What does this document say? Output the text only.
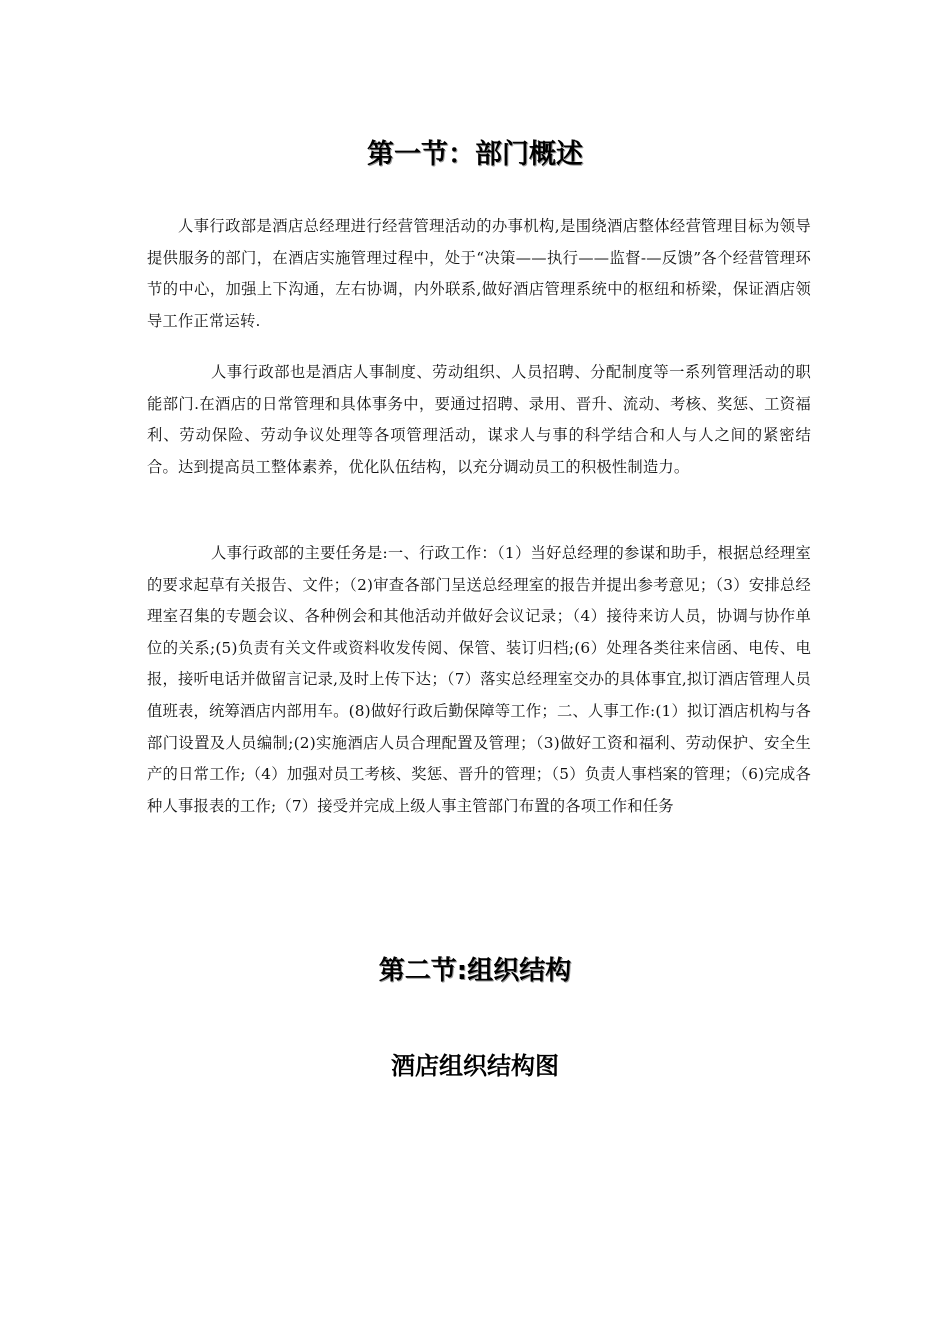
第一节：部门概述

人事行政部是酒店总经理进行经营管理活动的办事机构,是围绕酒店整体经营管理目标为领导提供服务的部门，在酒店实施管理过程中，处于“决策——执行——监督-—反馈”各个经营管理环节的中心，加强上下沟通，左右协调，内外联系,做好酒店管理系统中的枢纽和桥梁，保证酒店领导工作正常运转.

人事行政部也是酒店人事制度、劳动组织、人员招聘、分配制度等一系列管理活动的职能部门.在酒店的日常管理和具体事务中，要通过招聘、录用、晋升、流动、考核、奖惩、工资福利、劳动保险、劳动争议处理等各项管理活动，谋求人与事的科学结合和人与人之间的紧密结合。达到提高员工整体素养，优化队伍结构，以充分调动员工的积极性制造力。

人事行政部的主要任务是:一、行政工作：（1）当好总经理的参谋和助手，根据总经理室的要求起草有关报告、文件；（2)审查各部门呈送总经理室的报告并提出参考意见；（3）安排总经理室召集的专题会议、各种例会和其他活动并做好会议记录；（4）接待来访人员，协调与协作单位的关系;(5)负责有关文件或资料收发传阅、保管、装订归档;(6）处理各类往来信函、电传、电报，接听电话并做留言记录,及时上传下达；（7）落实总经理室交办的具体事宜,拟订酒店管理人员值班表，统筹酒店内部用车。(8)做好行政后勤保障等工作；二、人事工作:(1）拟订酒店机构与各部门设置及人员编制;(2)实施酒店人员合理配置及管理；（3)做好工资和福利、劳动保护、安全生产的日常工作;（4）加强对员工考核、奖惩、晋升的管理；（5）负责人事档案的管理；（6)完成各种人事报表的工作;（7）接受并完成上级人事主管部门布置的各项工作和任务

第二节:组织结构
酒店组织结构图
